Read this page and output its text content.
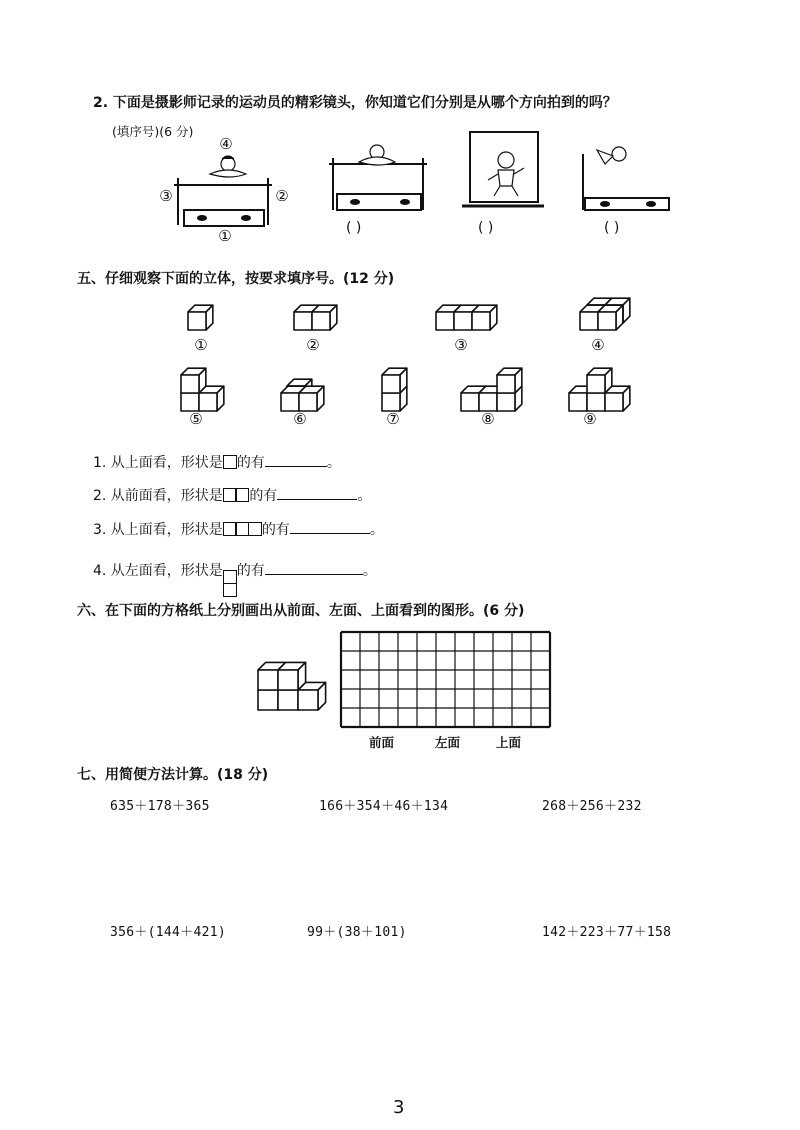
2. 下面是摄影师记录的运动员的精彩镜头，你知道它们分别是从哪个方向拍到的吗？
(填序号)(6 分)
④
③	②
①	( )	( )	( )
五、仔细观察下面的立体，按要求填序号。(12 分)
①	②	③	④
⑤	⑥	⑦	⑧	⑨
1. 从上面看，形状是 的有	。
2. 从前面看，形状是 的有	。
3. 从上面看，形状是	的有	。
4. 从左面看，形状是 的有	。
六、在下面的方格纸上分别画出从前面、左面、上面看到的图形。(6 分)
前面	左面	上面
七、用简便方法计算。(18 分)
635＋178＋365	166＋354＋46＋134	268＋256＋232
356＋(144＋421)	99＋(38＋101)	142＋223＋77＋158
3
